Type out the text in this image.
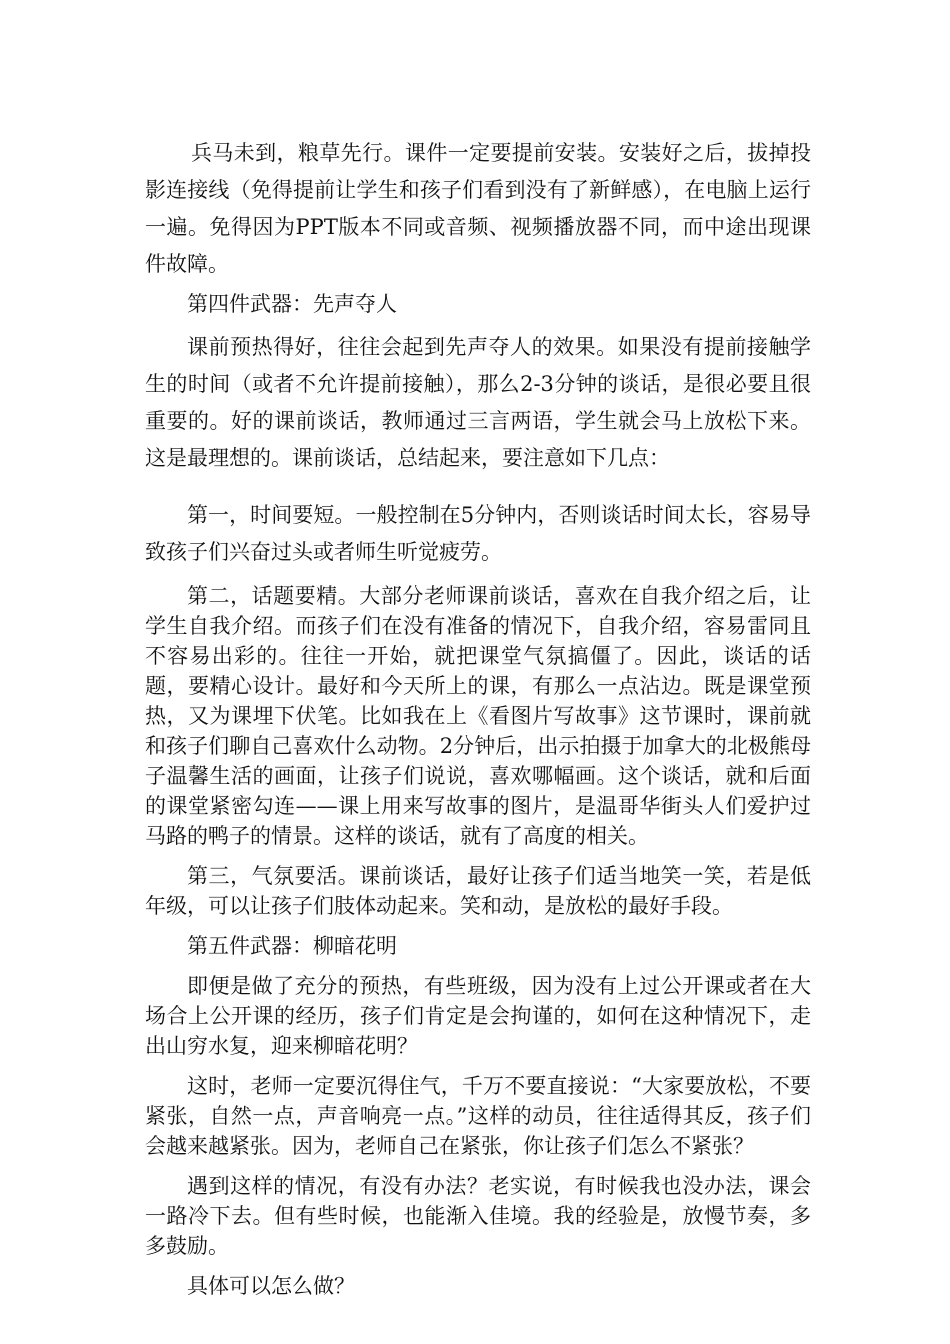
兵马未到，粮草先行。课件一定要提前安装。安装好之后，拔掉投影连接线（免得提前让学生和孩子们看到没有了新鲜感），在电脑上运行一遍。免得因为PPT版本不同或音频、视频播放器不同，而中途出现课件故障。

第四件武器：先声夺人

课前预热得好，往往会起到先声夺人的效果。如果没有提前接触学生的时间（或者不允许提前接触），那么2-3分钟的谈话，是很必要且很重要的。好的课前谈话，教师通过三言两语，学生就会马上放松下来。这是最理想的。课前谈话，总结起来，要注意如下几点：

第一，时间要短。一般控制在5分钟内，否则谈话时间太长，容易导致孩子们兴奋过头或者师生听觉疲劳。

第二，话题要精。大部分老师课前谈话，喜欢在自我介绍之后，让学生自我介绍。而孩子们在没有准备的情况下，自我介绍，容易雷同且不容易出彩的。往往一开始，就把课堂气氛搞僵了。因此，谈话的话题，要精心设计。最好和今天所上的课，有那么一点沾边。既是课堂预热，又为课埋下伏笔。比如我在上《看图片写故事》这节课时，课前就和孩子们聊自己喜欢什么动物。2分钟后，出示拍摄于加拿大的北极熊母子温馨生活的画面，让孩子们说说，喜欢哪幅画。这个谈话，就和后面的课堂紧密勾连——课上用来写故事的图片，是温哥华街头人们爱护过马路的鸭子的情景。这样的谈话，就有了高度的相关。

第三，气氛要活。课前谈话，最好让孩子们适当地笑一笑，若是低年级，可以让孩子们肢体动起来。笑和动，是放松的最好手段。

第五件武器：柳暗花明

即便是做了充分的预热，有些班级，因为没有上过公开课或者在大场合上公开课的经历，孩子们肯定是会拘谨的，如何在这种情况下，走出山穷水复，迎来柳暗花明？

这时，老师一定要沉得住气，千万不要直接说：“大家要放松，不要紧张，自然一点，声音响亮一点。”这样的动员，往往适得其反，孩子们会越来越紧张。因为，老师自己在紧张，你让孩子们怎么不紧张？

遇到这样的情况，有没有办法？老实说，有时候我也没办法，课会一路冷下去。但有些时候，也能渐入佳境。我的经验是，放慢节奏，多多鼓励。

具体可以怎么做？
